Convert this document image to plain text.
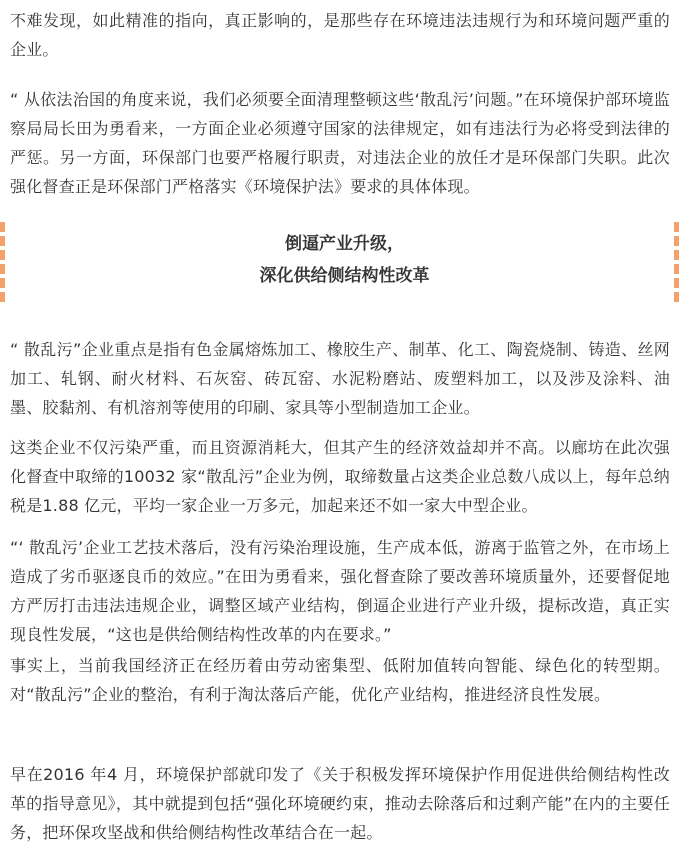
不难发现，如此精准的指向，真正影响的，是那些存在环境违法违规行为和环境问题严重的企业。

“ 从依法治国的角度来说，我们必须要全面清理整顿这些‘散乱污’问题。”在环境保护部环境监察局局长田为勇看来，一方面企业必须遵守国家的法律规定，如有违法行为必将受到法律的严惩。另一方面，环保部门也要严格履行职责，对违法企业的放任才是环保部门失职。此次强化督查正是环保部门严格落实《环境保护法》要求的具体体现。

倒逼产业升级，

深化供给侧结构性改革

“ 散乱污”企业重点是指有色金属熔炼加工、橡胶生产、制革、化工、陶瓷烧制、铸造、丝网加工、轧钢、耐火材料、石灰窑、砖瓦窑、水泥粉磨站、废塑料加工，以及涉及涂料、油墨、胶黏剂、有机溶剂等使用的印刷、家具等小型制造加工企业。

这类企业不仅污染严重，而且资源消耗大，但其产生的经济效益却并不高。以廊坊在此次强化督查中取缔的10032 家“散乱污”企业为例，取缔数量占这类企业总数八成以上，每年总纳税是1.88 亿元，平均一家企业一万多元，加起来还不如一家大中型企业。

“‘ 散乱污’企业工艺技术落后，没有污染治理设施，生产成本低，游离于监管之外，在市场上造成了劣币驱逐良币的效应。”在田为勇看来，强化督查除了要改善环境质量外，还要督促地方严厉打击违法违规企业，调整区域产业结构，倒逼企业进行产业升级，提标改造，真正实现良性发展，“这也是供给侧结构性改革的内在要求。”

事实上，当前我国经济正在经历着由劳动密集型、低附加值转向智能、绿色化的转型期。对“散乱污”企业的整治，有利于淘汰落后产能，优化产业结构，推进经济良性发展。

早在2016 年4 月，环境保护部就印发了《关于积极发挥环境保护作用促进供给侧结构性改革的指导意见》，其中就提到包括“强化环境硬约束，推动去除落后和过剩产能”在内的主要任务，把环保攻坚战和供给侧结构性改革结合在一起。
